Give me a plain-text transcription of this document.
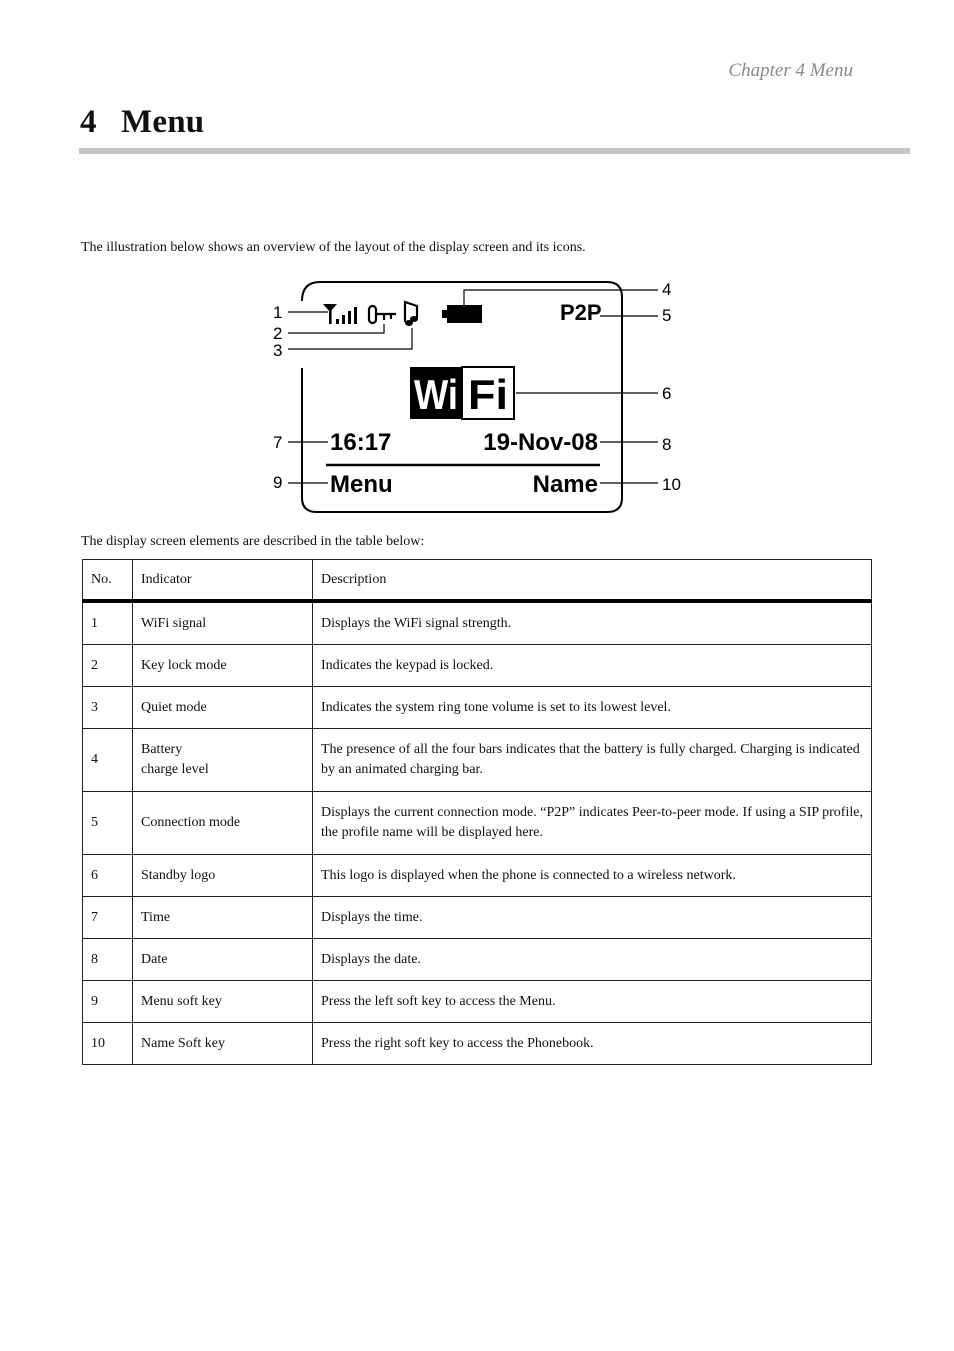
Chapter 4 Menu
4 Menu

The illustration below shows an overview of the layout of the display screen and its icons.

P2P
Wi Fi
16:17	19-Nov-08
Menu	Name
1
2
3
4
5
6
7	8
9	10

The display screen elements are described in the table below:

No.	Indicator	Description
1	WiFi signal	Displays the WiFi signal strength.
2	Key lock mode	Indicates the keypad is locked.
3	Quiet mode	Indicates the system ring tone volume is set to its lowest level.
4	Battery
charge level	The presence of all the four bars indicates that the battery is fully charged. Charging is indicated by an animated charging bar.
5	Connection mode	Displays the current connection mode. “P2P” indicates Peer-to-peer mode. If using a SIP profile, the profile name will be displayed here.
6	Standby logo	This logo is displayed when the phone is connected to a wireless network.
7	Time	Displays the time.
8	Date	Displays the date.
9	Menu soft key	Press the left soft key to access the Menu.
10	Name Soft key	Press the right soft key to access the Phonebook.
